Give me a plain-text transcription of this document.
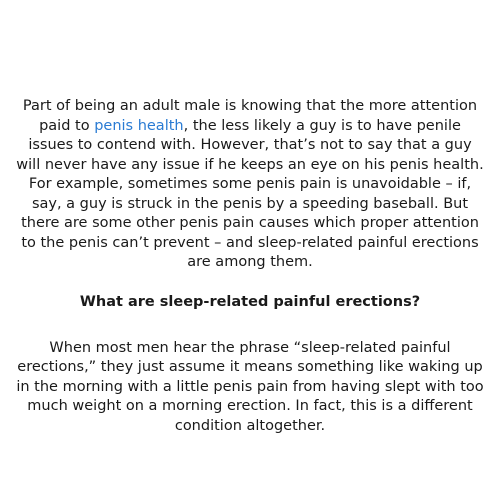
Part of being an adult male is knowing that the more attention paid to penis health, the less likely a guy is to have penile issues to contend with. However, that’s not to say that a guy will never have any issue if he keeps an eye on his penis health. For example, sometimes some penis pain is unavoidable – if, say, a guy is struck in the penis by a speeding baseball. But there are some other penis pain causes which proper attention to the penis can’t prevent – and sleep-related painful erections are among them.

What are sleep-related painful erections?

When most men hear the phrase “sleep-related painful erections,” they just assume it means something like waking up in the morning with a little penis pain from having slept with too much weight on a morning erection. In fact, this is a different condition altogether.
